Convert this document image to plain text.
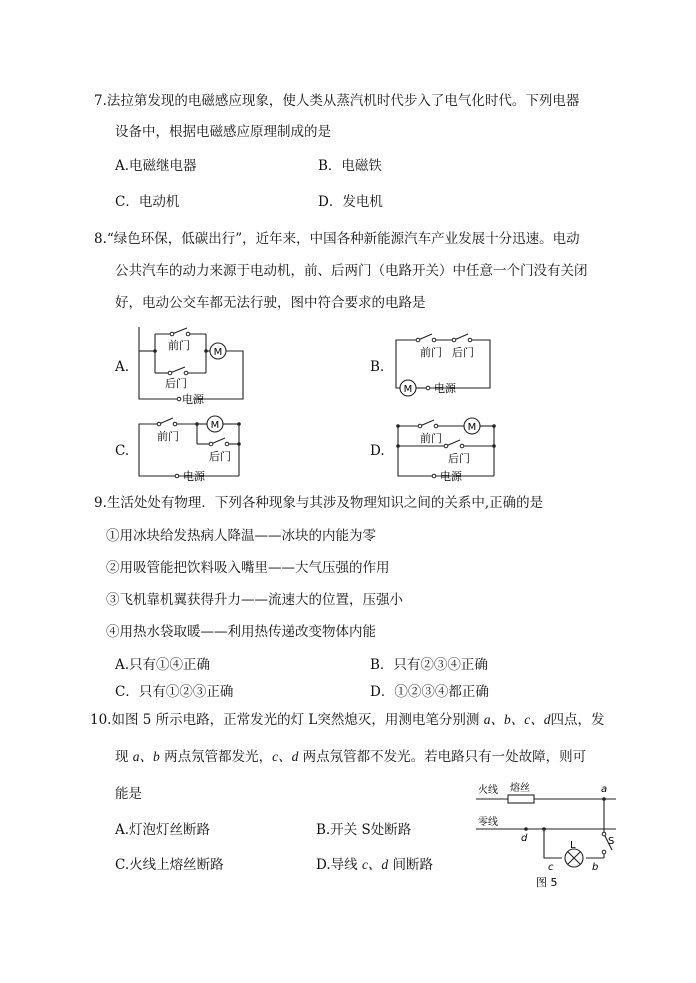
7.法拉第发现的电磁感应现象，使人类从蒸汽机时代步入了电气化时代。下列电器
设备中，根据电磁感应原理制成的是
A.电磁继电器	B．电磁铁
C．电动机	D．发电机
8.“绿色环保，低碳出行”，近年来，中国各种新能源汽车产业发展十分迅速。电动
公共汽车的动力来源于电动机，前、后两门（电路开关）中任意一个门没有关闭
好，电动公交车都无法行驶，图中符合要求的电路是
A.	B.
C.	D.
M
前门
后门
电源
M
前门 后门
电源
M
前门
后门
电源
M
前门
后门
电源
9.生活处处有物理．下列各种现象与其涉及物理知识之间的关系中,正确的是
①用冰块给发热病人降温——冰块的内能为零
②用吸管能把饮料吸入嘴里——大气压强的作用
③飞机靠机翼获得升力——流速大的位置，压强小
④用热水袋取暖——利用热传递改变物体内能
A.只有①④正确	B．只有②③④正确
C．只有①②③正确	D．①②③④都正确
10.如图 5 所示电路，正常发光的灯 L突然熄灭，用测电笔分别测 a、b、c、d四点，发
现 a、b 两点氖管都发光，c、d 两点氖管都不发光。若电路只有一处故障，则可
能是
A.灯泡灯丝断路	B.开关 S处断路
C.火线上熔丝断路	D.导线 c、d 间断路
火线 熔丝
零线
a
d
c	b
L	S
图 5
